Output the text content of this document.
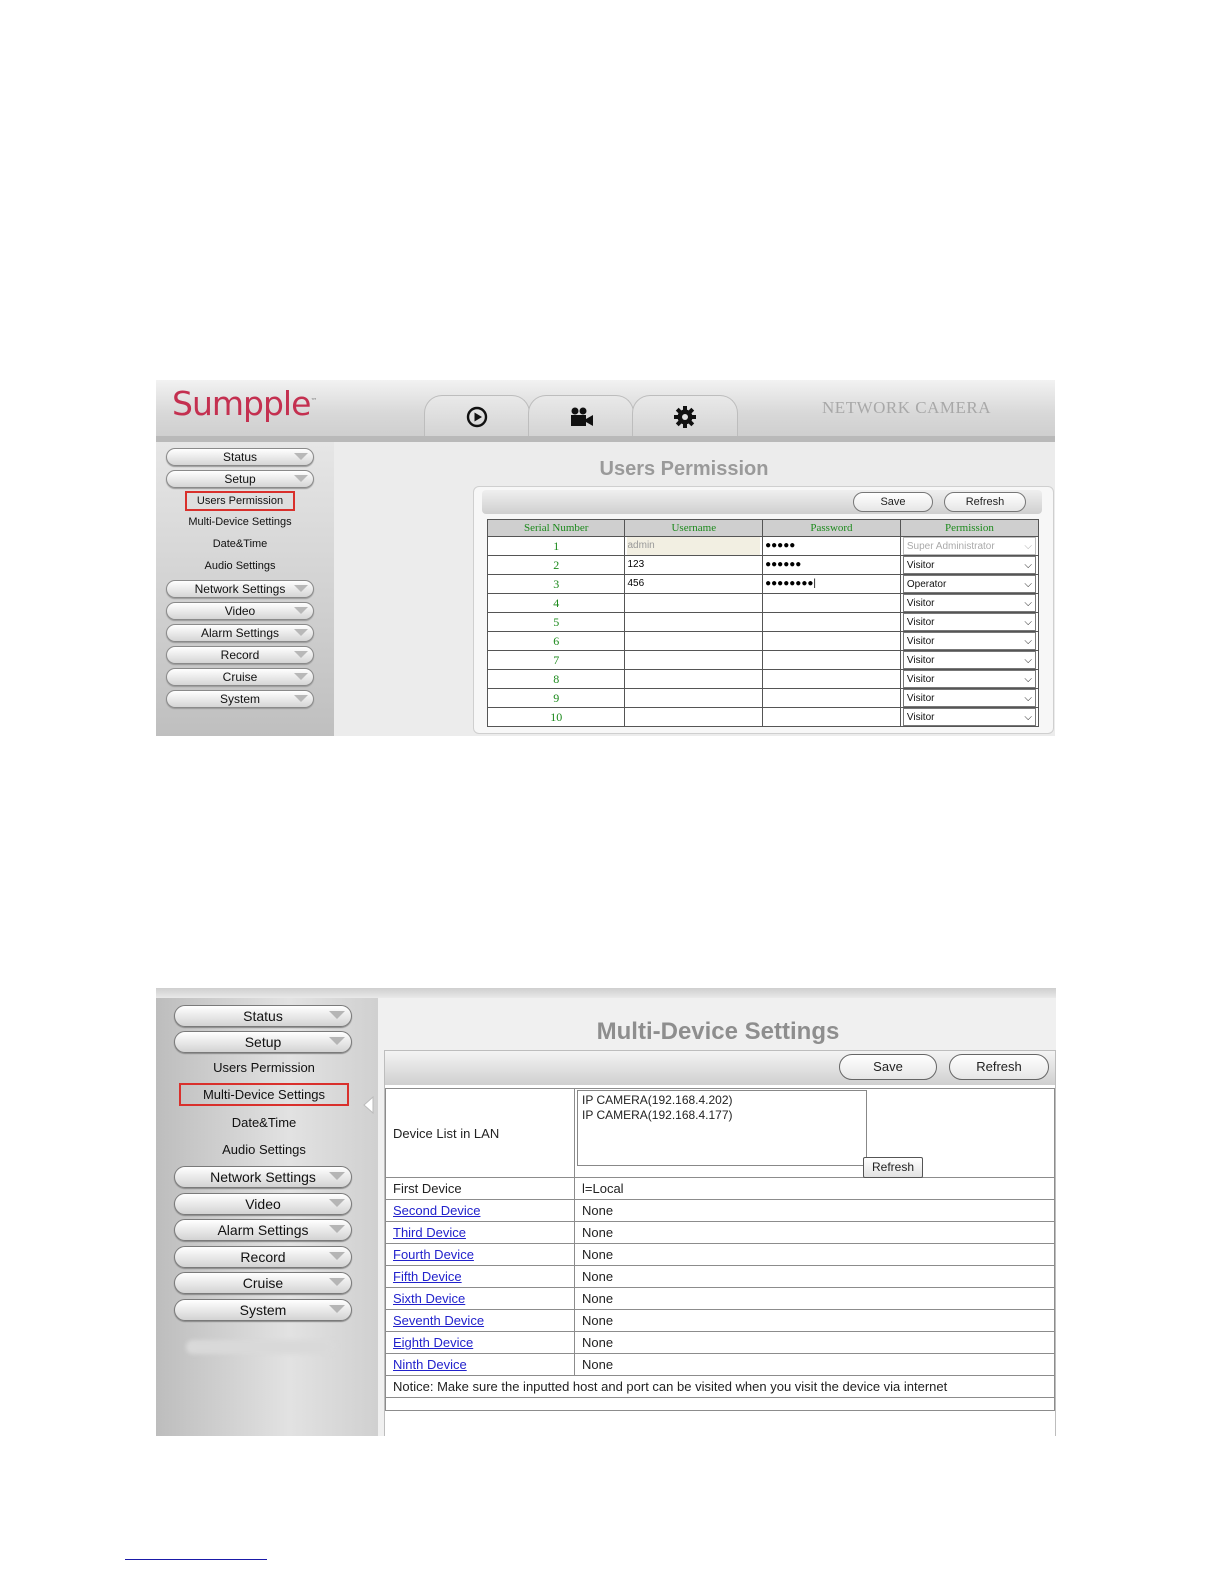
Sumpple™	NETWORK CAMERA
Status
Setup
Users Permission
Multi-Device Settings
Date&Time
Audio Settings
Network Settings
Video
Alarm Settings
Record
Cruise
System
Users Permission
Save	Refresh
Serial Number	Username	Password	Permission
1	admin	●●●●●	Super Administrator ⌵

2	123	●●●●●●	Visitor ⌵

3	456	●●●●●●●●|	Operator ⌵

4			Visitor ⌵

5			Visitor ⌵

6			Visitor ⌵

7			Visitor ⌵

8			Visitor ⌵

9			Visitor ⌵

10			Visitor ⌵
Status
Setup
Users Permission
Multi-Device Settings
Date&Time
Audio Settings
Network Settings
Video
Alarm Settings
Record
Cruise
System
Multi-Device Settings
Save	Refresh
Device List in LAN	IP CAMERA(192.168.4.202)
IP CAMERA(192.168.4.177)
Refresh

First Device	l=Local
Second Device	None
Third Device	None
Fourth Device	None
Fifth Device	None
Sixth Device	None
Seventh Device	None
Eighth Device	None
Ninth Device	None
Notice: Make sure the inputted host and port can be visited when you visit the device via internet	
